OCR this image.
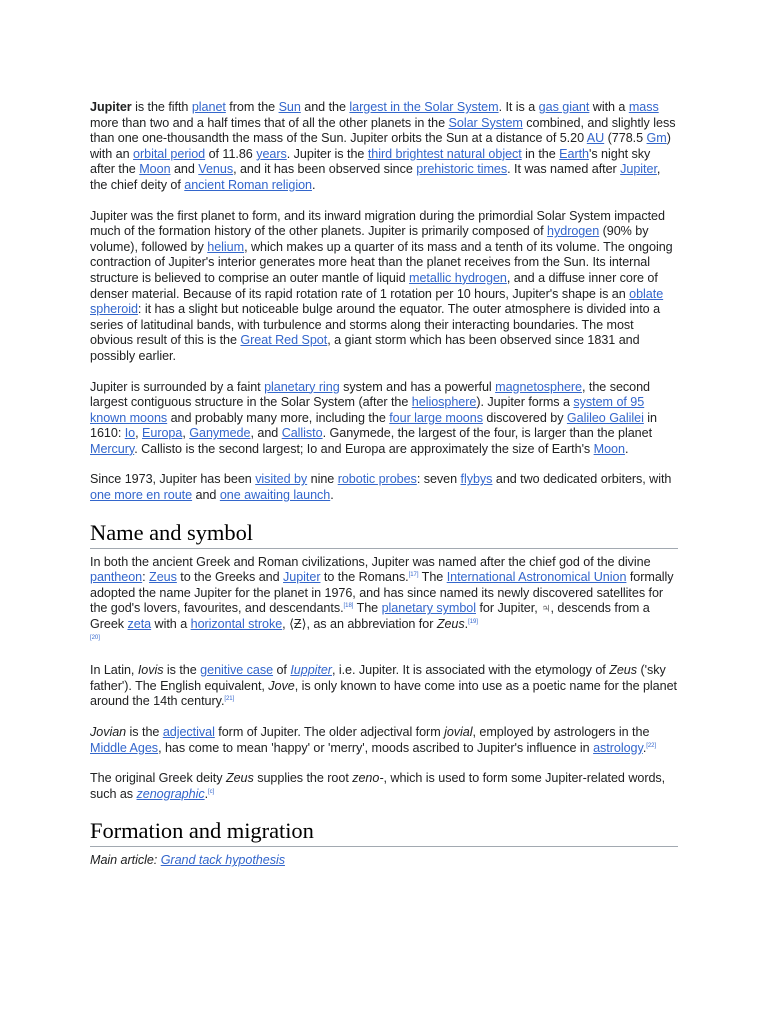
Jupiter is the fifth planet from the Sun and the largest in the Solar System. It is a gas giant with a mass more than two and a half times that of all the other planets in the Solar System combined, and slightly less than one one-thousandth the mass of the Sun. Jupiter orbits the Sun at a distance of 5.20 AU (778.5 Gm) with an orbital period of 11.86 years. Jupiter is the third brightest natural object in the Earth's night sky after the Moon and Venus, and it has been observed since prehistoric times. It was named after Jupiter, the chief deity of ancient Roman religion.

Jupiter was the first planet to form, and its inward migration during the primordial Solar System impacted much of the formation history of the other planets. Jupiter is primarily composed of hydrogen (90% by volume), followed by helium, which makes up a quarter of its mass and a tenth of its volume. The ongoing contraction of Jupiter's interior generates more heat than the planet receives from the Sun. Its internal structure is believed to comprise an outer mantle of liquid metallic hydrogen, and a diffuse inner core of denser material. Because of its rapid rotation rate of 1 rotation per 10 hours, Jupiter's shape is an oblate spheroid: it has a slight but noticeable bulge around the equator. The outer atmosphere is divided into a series of latitudinal bands, with turbulence and storms along their interacting boundaries. The most obvious result of this is the Great Red Spot, a giant storm which has been observed since 1831 and possibly earlier.

Jupiter is surrounded by a faint planetary ring system and has a powerful magnetosphere, the second largest contiguous structure in the Solar System (after the heliosphere). Jupiter forms a system of 95 known moons and probably many more, including the four large moons discovered by Galileo Galilei in 1610: Io, Europa, Ganymede, and Callisto. Ganymede, the largest of the four, is larger than the planet Mercury. Callisto is the second largest; Io and Europa are approximately the size of Earth's Moon.

Since 1973, Jupiter has been visited by nine robotic probes: seven flybys and two dedicated orbiters, with one more en route and one awaiting launch.

Name and symbol

In both the ancient Greek and Roman civilizations, Jupiter was named after the chief god of the divine pantheon: Zeus to the Greeks and Jupiter to the Romans.[17] The International Astronomical Union formally adopted the name Jupiter for the planet in 1976, and has since named its newly discovered satellites for the god's lovers, favourites, and descendants.[18] The planetary symbol for Jupiter, ♃, descends from a Greek zeta with a horizontal stroke, ⟨Ƶ⟩, as an abbreviation for Zeus.[19]
[20]

In Latin, Iovis is the genitive case of Iuppiter, i.e. Jupiter. It is associated with the etymology of Zeus ('sky father'). The English equivalent, Jove, is only known to have come into use as a poetic name for the planet around the 14th century.[21]

Jovian is the adjectival form of Jupiter. The older adjectival form jovial, employed by astrologers in the Middle Ages, has come to mean 'happy' or 'merry', moods ascribed to Jupiter's influence in astrology.[22]

The original Greek deity Zeus supplies the root zeno-, which is used to form some Jupiter-related words, such as zenographic.[c]

Formation and migration

Main article: Grand tack hypothesis
